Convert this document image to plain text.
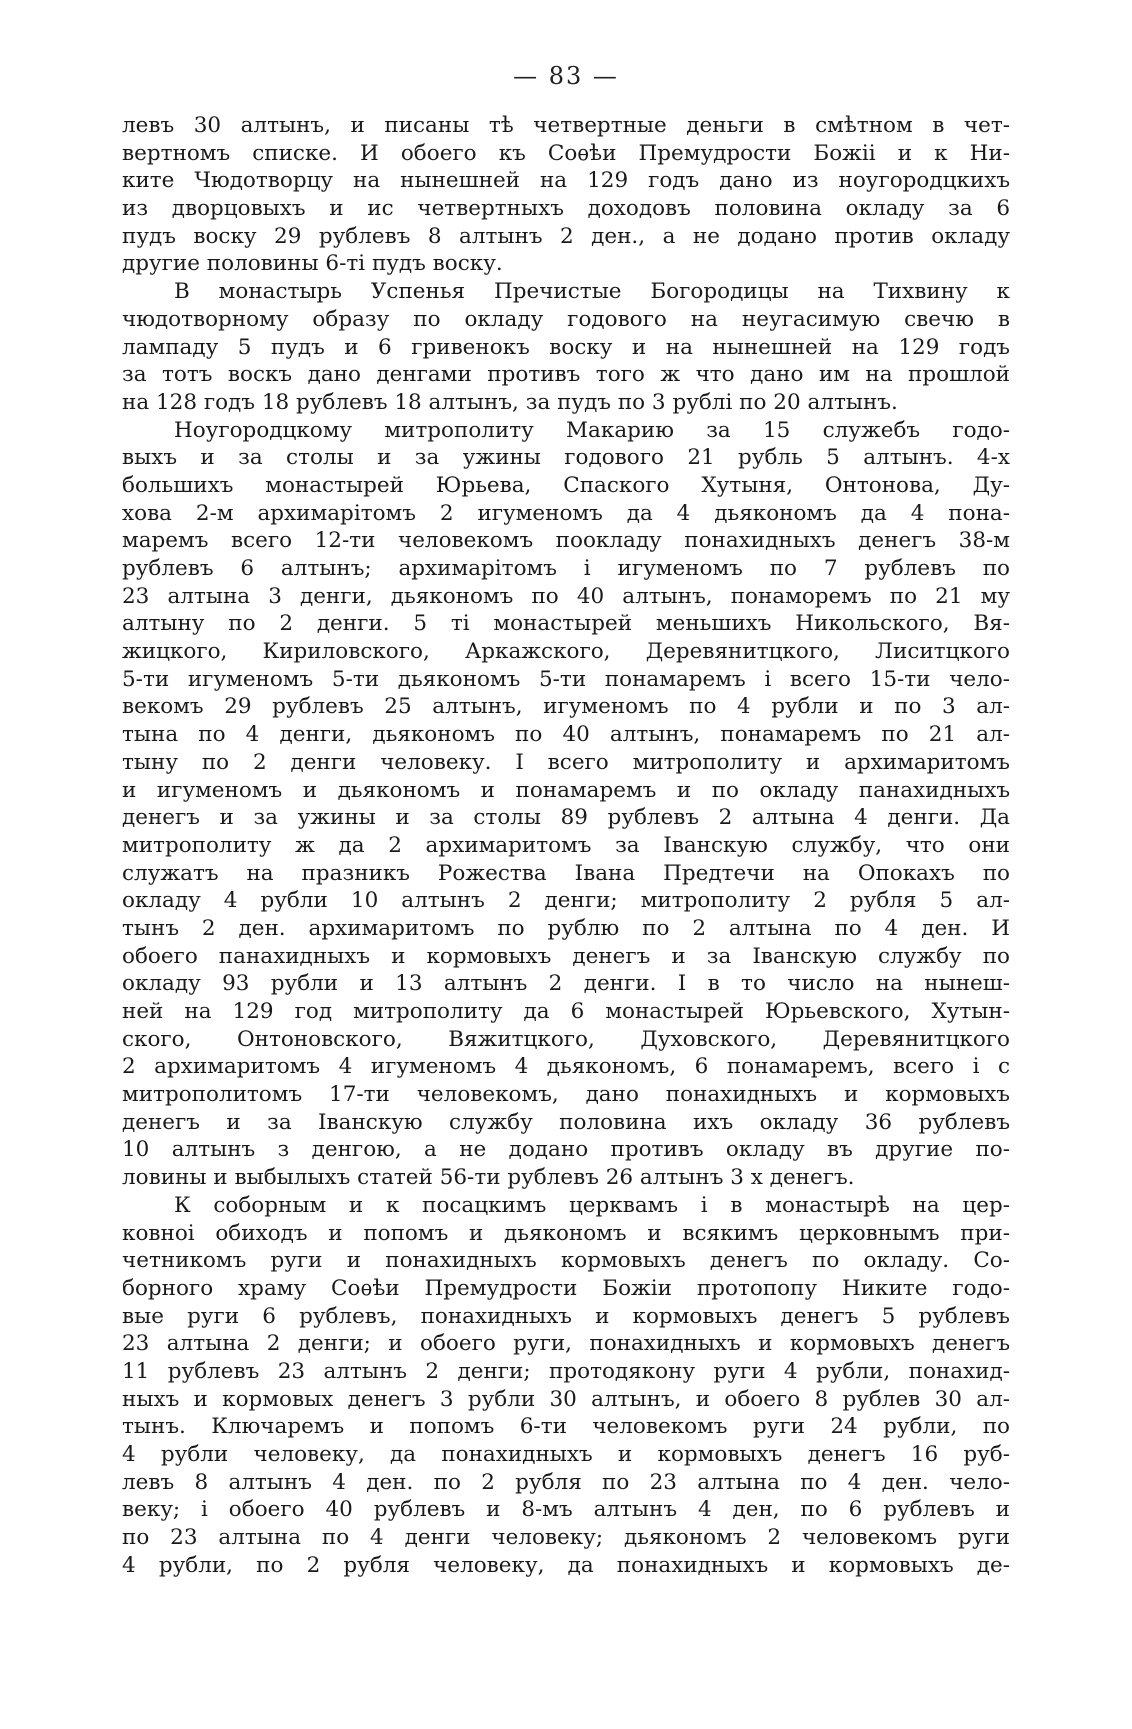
— 83 —
левъ 30 алтынъ, и писаны тѣ четвертные деньги в смѣтном в чет-
вертномъ списке. И обоего къ Соѳѣи Премудрости Божіі и к Ни-
ките Чюдотворцу на нынешней на 129 годъ дано из ноугородцкихъ
из дворцовыхъ и ис четвертныхъ доходовъ половина окладу за 6
пудъ воску 29 рублевъ 8 алтынъ 2 ден., а не додано против окладу
другие половины 6-ті пудъ воску.
В монастырь Успенья Пречистые Богородицы на Тихвину к
чюдотворному образу по окладу годового на неугасимую свечю в
лампаду 5 пудъ и 6 гривенокъ воску и на нынешней на 129 годъ
за тотъ воскъ дано денгами противъ того ж что дано им на прошлой
на 128 годъ 18 рублевъ 18 алтынъ, за пудъ по 3 рублі по 20 алтынъ.
Ноугородцкому митрополиту Макарию за 15 служебъ годо-
выхъ и за столы и за ужины годового 21 рубль 5 алтынъ. 4-х
большихъ монастырей Юрьева, Спаского Хутыня, Онтонова, Ду-
хова 2-м архимарітомъ 2 игуменомъ да 4 дьякономъ да 4 пона-
маремъ всего 12-ти человекомъ поокладу понахидныхъ денегъ 38-м
рублевъ 6 алтынъ; архимарітомъ і игуменомъ по 7 рублевъ по
23 алтына 3 денги, дьякономъ по 40 алтынъ, понаморемъ по 21 му
алтыну по 2 денги. 5 ті монастырей меньшихъ Никольского, Вя-
жицкого, Кириловского, Аркажского, Деревянитцкого, Лиситцкого
5-ти игуменомъ 5-ти дьякономъ 5-ти понамаремъ і всего 15-ти чело-
векомъ 29 рублевъ 25 алтынъ, игуменомъ по 4 рубли и по 3 ал-
тына по 4 денги, дьякономъ по 40 алтынъ, понамаремъ по 21 ал-
тыну по 2 денги человеку. І всего митрополиту и архимаритомъ
и игуменомъ и дьякономъ и понамаремъ и по окладу панахидныхъ
денегъ и за ужины и за столы 89 рублевъ 2 алтына 4 денги. Да
митрополиту ж да 2 архимаритомъ за Іванскую службу, что они
служатъ на празникъ Рожества Івана Предтечи на Опокахъ по
окладу 4 рубли 10 алтынъ 2 денги; митрополиту 2 рубля 5 ал-
тынъ 2 ден. архимаритомъ по рублю по 2 алтына по 4 ден. И
обоего панахидныхъ и кормовыхъ денегъ и за Іванскую службу по
окладу 93 рубли и 13 алтынъ 2 денги. І в то число на нынеш-
ней на 129 год митрополиту да 6 монастырей Юрьевского, Хутын-
ского, Онтоновского, Вяжитцкого, Духовского, Деревянитцкого
2 архимаритомъ 4 игуменомъ 4 дьякономъ, 6 понамаремъ, всего і с
митрополитомъ 17-ти человекомъ, дано понахидныхъ и кормовыхъ
денегъ и за Іванскую службу половина ихъ окладу 36 рублевъ
10 алтынъ з денгою, а не додано противъ окладу въ другие по-
ловины и выбылыхъ статей 56-ти рублевъ 26 алтынъ 3 х денегъ.
К соборным и к посацкимъ церквамъ і в монастырѣ на цер-
ковноі обиходъ и попомъ и дьякономъ и всякимъ церковнымъ при-
четникомъ руги и понахидныхъ кормовыхъ денегъ по окладу. Со-
борного храму Соѳѣи Премудрости Божіи протопопу Никите годо-
вые руги 6 рублевъ, понахидныхъ и кормовыхъ денегъ 5 рублевъ
23 алтына 2 денги; и обоего руги, понахидныхъ и кормовыхъ денегъ
11 рублевъ 23 алтынъ 2 денги; протодякону руги 4 рубли, понахид-
ныхъ и кормовых денегъ 3 рубли 30 алтынъ, и обоего 8 рублев 30 ал-
тынъ. Ключаремъ и попомъ 6-ти человекомъ руги 24 рубли, по
4 рубли человеку, да понахидныхъ и кормовыхъ денегъ 16 руб-
левъ 8 алтынъ 4 ден. по 2 рубля по 23 алтына по 4 ден. чело-
веку; і обоего 40 рублевъ и 8-мъ алтынъ 4 ден, по 6 рублевъ и
по 23 алтына по 4 денги человеку; дьякономъ 2 человекомъ руги
4 рубли, по 2 рубля человеку, да понахидныхъ и кормовыхъ де-
